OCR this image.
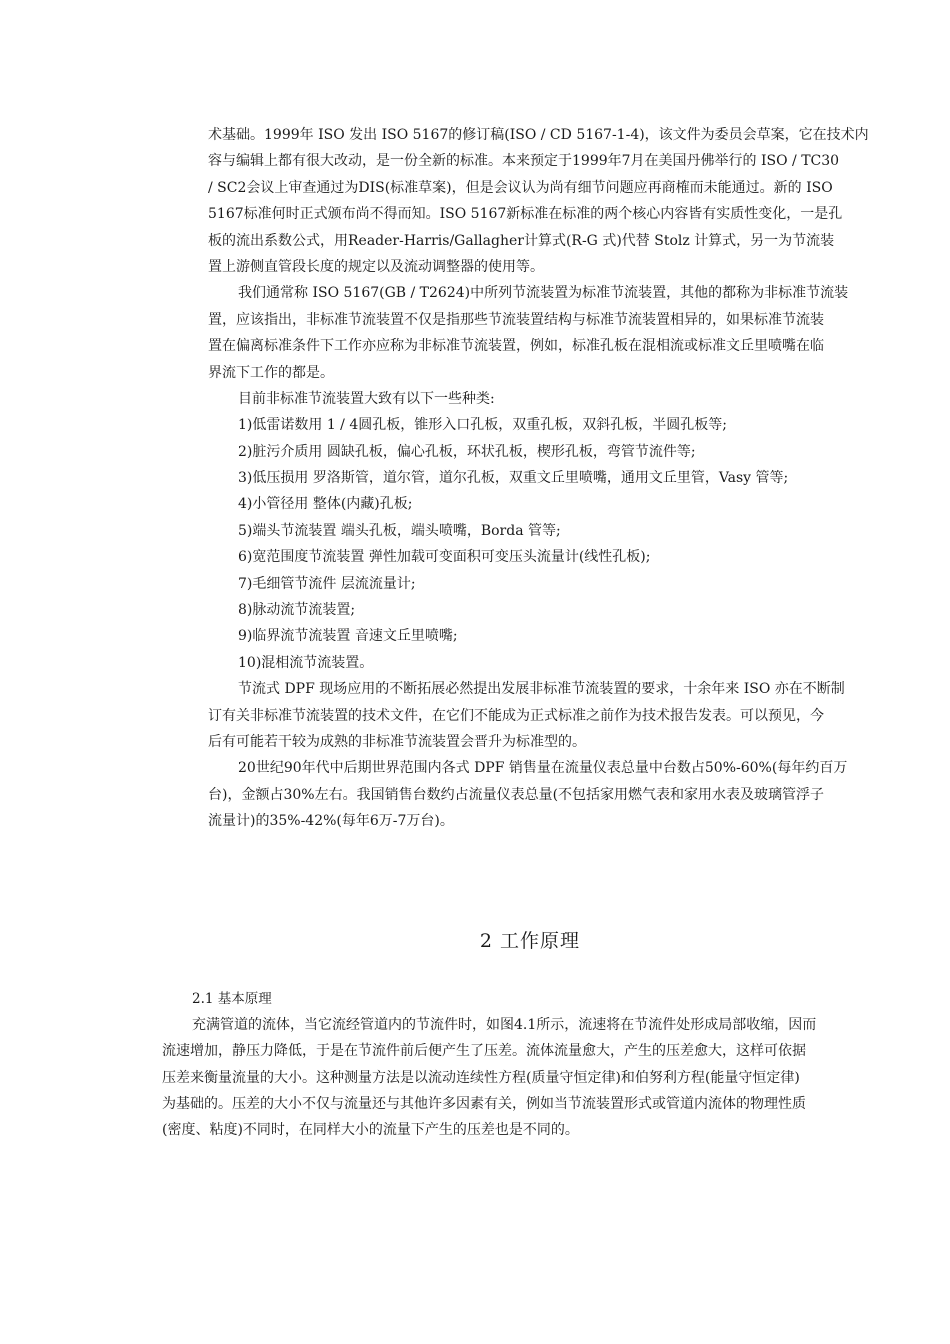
术基础。1999年 ISO 发出 ISO 5167的修订稿(ISO / CD 5167-1-4)，该文件为委员会草案，它在技术内
容与编辑上都有很大改动，是一份全新的标准。本来预定于1999年7月在美国丹佛举行的 ISO / TC30
/ SC2会议上审查通过为DIS(标准草案)，但是会议认为尚有细节问题应再商榷而未能通过。新的 ISO
5167标准何时正式颁布尚不得而知。ISO 5167新标准在标准的两个核心内容皆有实质性变化，一是孔
板的流出系数公式，用Reader-Harris/Gallagher计算式(R-G 式)代替 Stolz 计算式，另一为节流装
置上游侧直管段长度的规定以及流动调整器的使用等。
我们通常称 ISO 5167(GB / T2624)中所列节流装置为标准节流装置，其他的都称为非标准节流装
置，应该指出，非标准节流装置不仅是指那些节流装置结构与标准节流装置相异的，如果标准节流装
置在偏离标准条件下工作亦应称为非标准节流装置，例如，标准孔板在混相流或标准文丘里喷嘴在临
界流下工作的都是。
目前非标准节流装置大致有以下一些种类:
1)低雷诺数用 1 / 4圆孔板，锥形入口孔板，双重孔板，双斜孔板，半圆孔板等;
2)脏污介质用 圆缺孔板，偏心孔板，环状孔板，楔形孔板，弯管节流件等;
3)低压损用 罗洛斯管，道尔管，道尔孔板，双重文丘里喷嘴，通用文丘里管，Vasy 管等;
4)小管径用 整体(内藏)孔板;
5)端头节流装置 端头孔板，端头喷嘴，Borda 管等;
6)宽范围度节流装置 弹性加载可变面积可变压头流量计(线性孔板);
7)毛细管节流件 层流流量计;
8)脉动流节流装置;
9)临界流节流装置 音速文丘里喷嘴;
10)混相流节流装置。
节流式 DPF 现场应用的不断拓展必然提出发展非标准节流装置的要求，十余年来 ISO 亦在不断制
订有关非标准节流装置的技术文件，在它们不能成为正式标准之前作为技术报告发表。可以预见，今
后有可能若干较为成熟的非标准节流装置会晋升为标准型的。
20世纪90年代中后期世界范围内各式 DPF 销售量在流量仪表总量中台数占50%-60%(每年约百万
台)，金额占30%左右。我国销售台数约占流量仪表总量(不包括家用燃气表和家用水表及玻璃管浮子
流量计)的35%-42%(每年6万-7万台)。
2 工作原理
2.1 基本原理
充满管道的流体，当它流经管道内的节流件时，如图4.1所示，流速将在节流件处形成局部收缩，因而
流速增加，静压力降低，于是在节流件前后便产生了压差。流体流量愈大，产生的压差愈大，这样可依据
压差来衡量流量的大小。这种测量方法是以流动连续性方程(质量守恒定律)和伯努利方程(能量守恒定律)
为基础的。压差的大小不仅与流量还与其他许多因素有关，例如当节流装置形式或管道内流体的物理性质
(密度、粘度)不同时，在同样大小的流量下产生的压差也是不同的。
